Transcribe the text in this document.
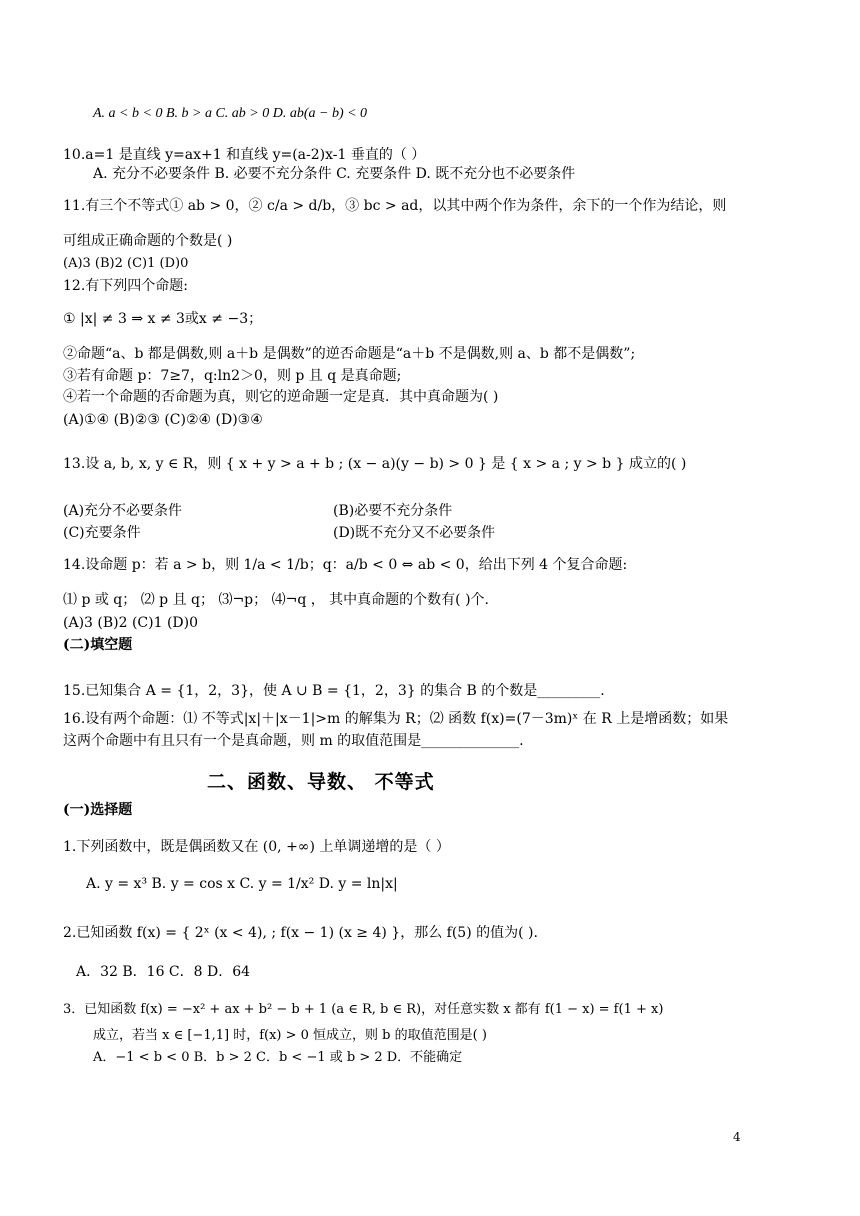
A. a < b < 0 B. b > a C. ab > 0 D. ab(a − b) < 0
10.a=1 是直线 y=ax+1 和直线 y=(a-2)x-1 垂直的（ ）
A. 充分不必要条件 B. 必要不充分条件 C. 充要条件 D. 既不充分也不必要条件
11.有三个不等式① ab > 0，② c/a > d/b，③ bc > ad，以其中两个作为条件，余下的一个作为结论，则
可组成正确命题的个数是( )
(A)3 (B)2 (C)1 (D)0
12.有下列四个命题:
① |x| ≠ 3 ⇒ x ≠ 3或x ≠ −3；
②命题“a、b 都是偶数,则 a＋b 是偶数”的逆否命题是“a＋b 不是偶数,则 a、b 都不是偶数”;
③若有命题 p：7≥7，q:ln2＞0，则 p 且 q 是真命题;
④若一个命题的否命题为真，则它的逆命题一定是真．其中真命题为( )
(A)①④ (B)②③ (C)②④ (D)③④
13.设 a, b, x, y ∈ R，则 { x + y > a + b ; (x − a)(y − b) > 0 } 是 { x > a ; y > b } 成立的( )
(A)充分不必要条件	(B)必要不充分条件
(C)充要条件	(D)既不充分又不必要条件
14.设命题 p：若 a > b，则 1/a < 1/b；q：a/b < 0 ⇔ ab < 0，给出下列 4 个复合命题:
⑴ p 或 q； ⑵ p 且 q； ⑶¬p； ⑷¬q ， 其中真命题的个数有( )个.
(A)3 (B)2 (C)1 (D)0
(二)填空题
15.已知集合 A = {1，2，3}，使 A ∪ B = {1，2，3} 的集合 B 的个数是_________.
16.设有两个命题：⑴ 不等式|x|＋|x－1|>m 的解集为 R；⑵ 函数 f(x)=(7－3m)ˣ 在 R 上是增函数；如果
这两个命题中有且只有一个是真命题，则 m 的取值范围是______________.
二、函数、导数、 不等式
(一)选择题
1.下列函数中，既是偶函数又在 (0, +∞) 上单调递增的是（ ）
A. y = x³ B. y = cos x C. y = 1/x² D. y = ln|x|
2.已知函数 f(x) = { 2ˣ (x < 4), ; f(x − 1) (x ≥ 4) }，那么 f(5) 的值为( ).
A．32 B．16 C．8 D．64
3．已知函数 f(x) = −x² + ax + b² − b + 1 (a ∈ R, b ∈ R)，对任意实数 x 都有 f(1 − x) = f(1 + x)
成立，若当 x ∈ [−1,1] 时，f(x) > 0 恒成立，则 b 的取值范围是( )
A．−1 < b < 0 B．b > 2 C．b < −1 或 b > 2 D．不能确定
4
